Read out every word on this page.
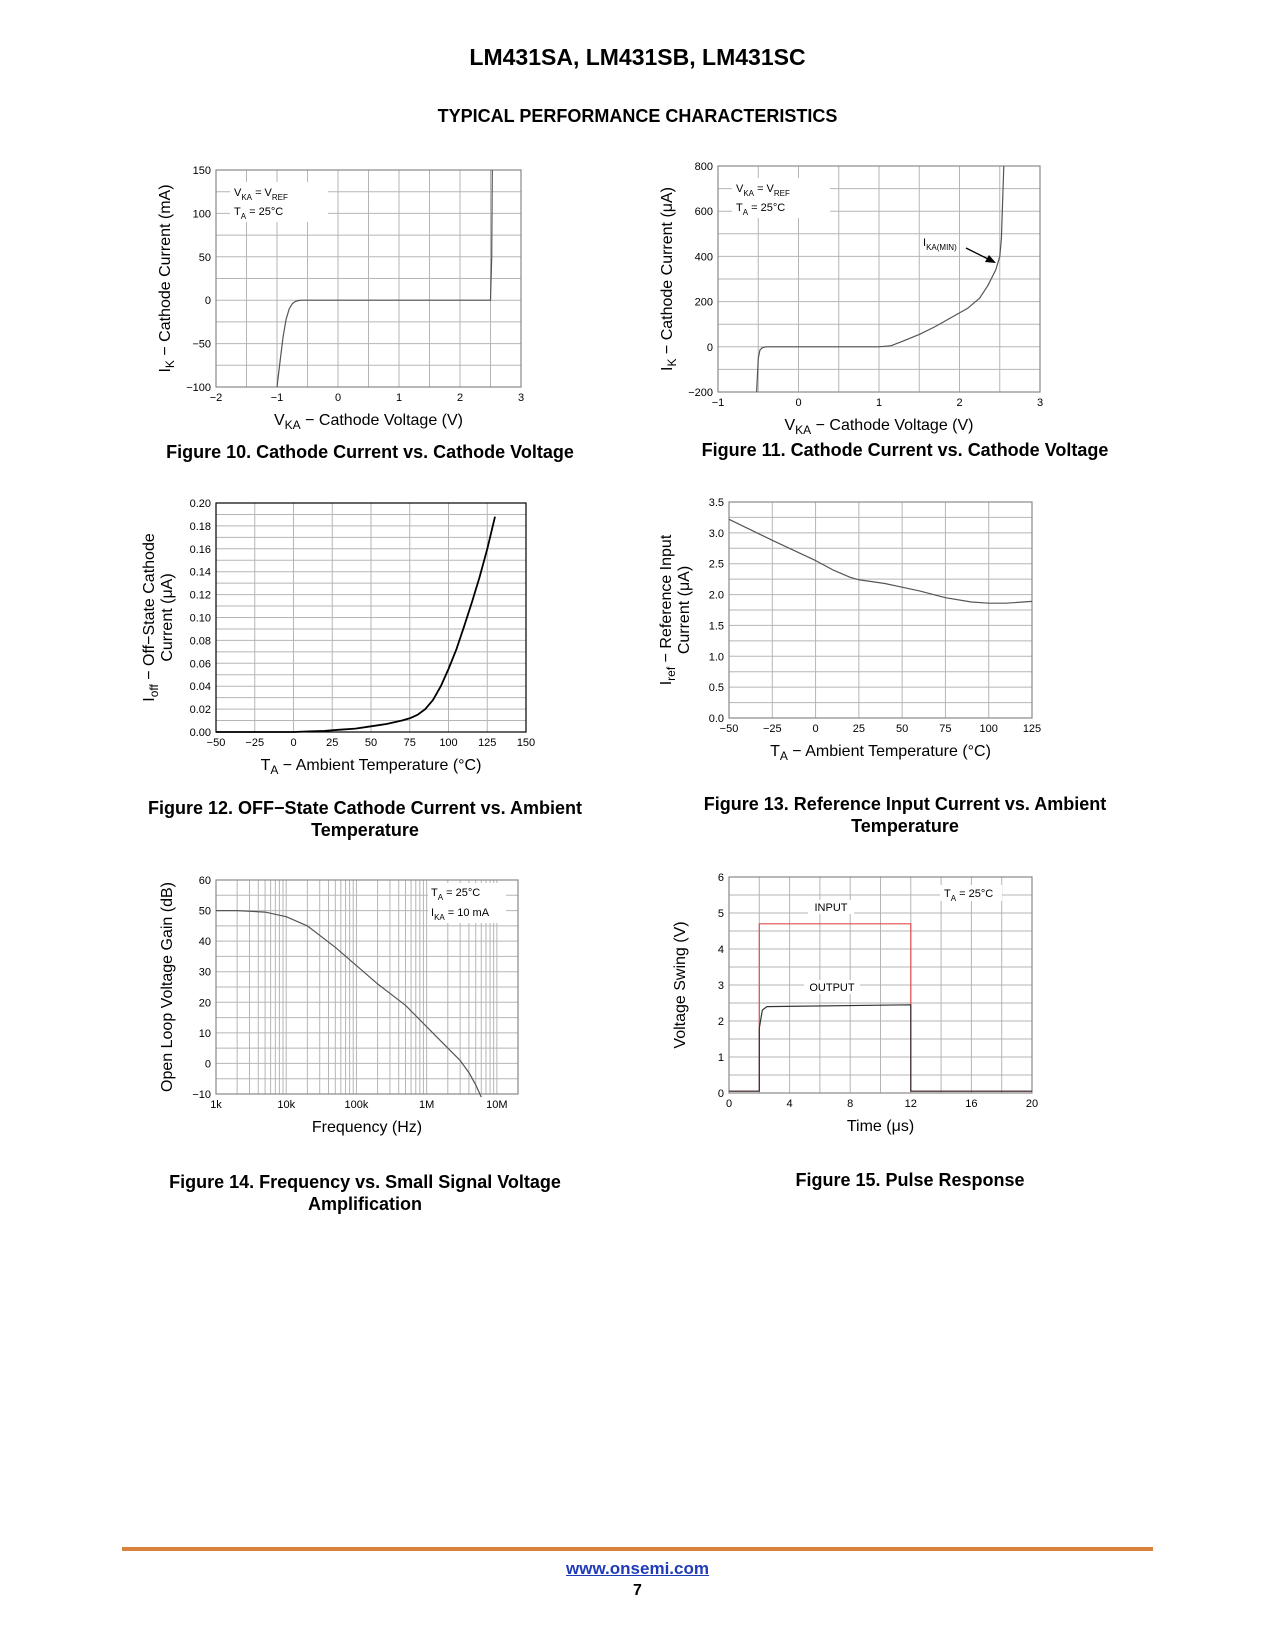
LM431SA, LM431SB, LM431SC
TYPICAL PERFORMANCE CHARACTERISTICS
−100
−50
0
50
100
150
−2	−1	0	1	2	3
$V_{KA}$ − Cathode Voltage (V)
$I_K$ − Cathode Current (mA)	$V_{KA} = V_{REF}$
$T_A = 25^\circ C$
−200
0
200
400
600
800
−1	0	1	2	3
$V_{KA}$ − Cathode Voltage (V)
$I_K$ − Cathode Current (μA)	$V_{KA} = V_{REF}$
$T_A = 25^\circ C$
$I_{KA(MIN)}$
0.00
0.02
0.04
0.06
0.08
0.10
0.12
0.14
0.16
0.18
0.20
−50 −25 0	25 50 75 100 125 150
$T_A$ − Ambient Temperature (°C)
$I_{off}$ − Off−State Cathode Current (μA)
0.0
0.5
1.0
1.5
2.0
2.5
3.0
3.5
−50 −25	0	25	50	75	100 125
$T_A$ − Ambient Temperature (°C)
$I_{ref}$ − Reference Input Current (μA)
−10
0
10
20
30
40
50
60
1k	10k	100k	1M	10M
Frequency (Hz)
Open Loop Voltage Gain (dB)	$T_A = 25^\circ C$
$I_{KA} = 10$ mA
0
1
2
3
4
5
6
0	4	8	12	16	20
Time (μs)
Voltage Swing (V)
$T_A = 25^\circ C$
INPUT
OUTPUT
Figure 10. Cathode Current vs. Cathode Voltage	Figure 11. Cathode Current vs. Cathode Voltage
Figure 12. OFF−State Cathode Current vs. Ambient Temperature
Figure 13. Reference Input Current vs. Ambient Temperature
Figure 14. Frequency vs. Small Signal Voltage Amplification
Figure 15. Pulse Response
www.onsemi.com
7
